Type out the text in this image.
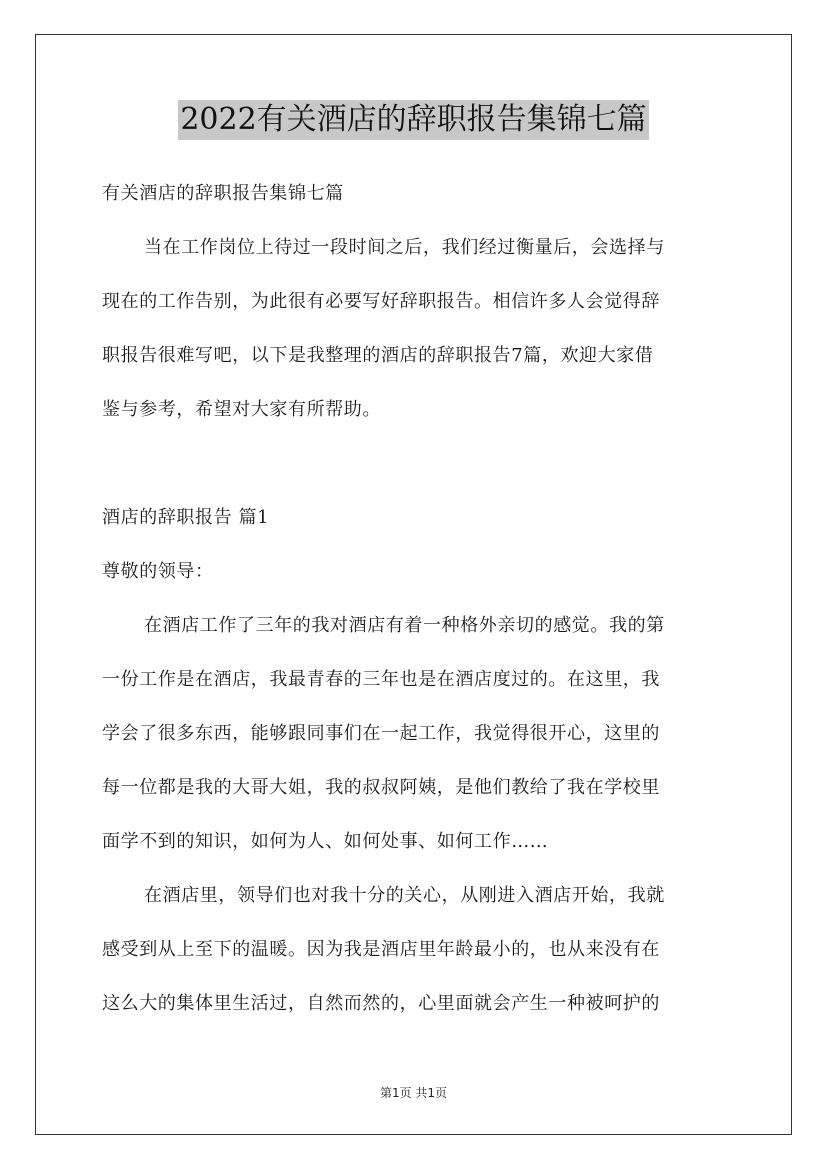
2022有关酒店的辞职报告集锦七篇
有关酒店的辞职报告集锦七篇
当在工作岗位上待过一段时间之后，我们经过衡量后，会选择与
现在的工作告别，为此很有必要写好辞职报告。相信许多人会觉得辞
职报告很难写吧，以下是我整理的酒店的辞职报告7篇，欢迎大家借
鉴与参考，希望对大家有所帮助。
酒店的辞职报告 篇1
尊敬的领导：
在酒店工作了三年的我对酒店有着一种格外亲切的感觉。我的第
一份工作是在酒店，我最青春的三年也是在酒店度过的。在这里，我
学会了很多东西，能够跟同事们在一起工作，我觉得很开心，这里的
每一位都是我的大哥大姐，我的叔叔阿姨，是他们教给了我在学校里
面学不到的知识，如何为人、如何处事、如何工作……
在酒店里，领导们也对我十分的关心，从刚进入酒店开始，我就
感受到从上至下的温暖。因为我是酒店里年龄最小的，也从来没有在
这么大的集体里生活过，自然而然的，心里面就会产生一种被呵护的
第1页 共1页
